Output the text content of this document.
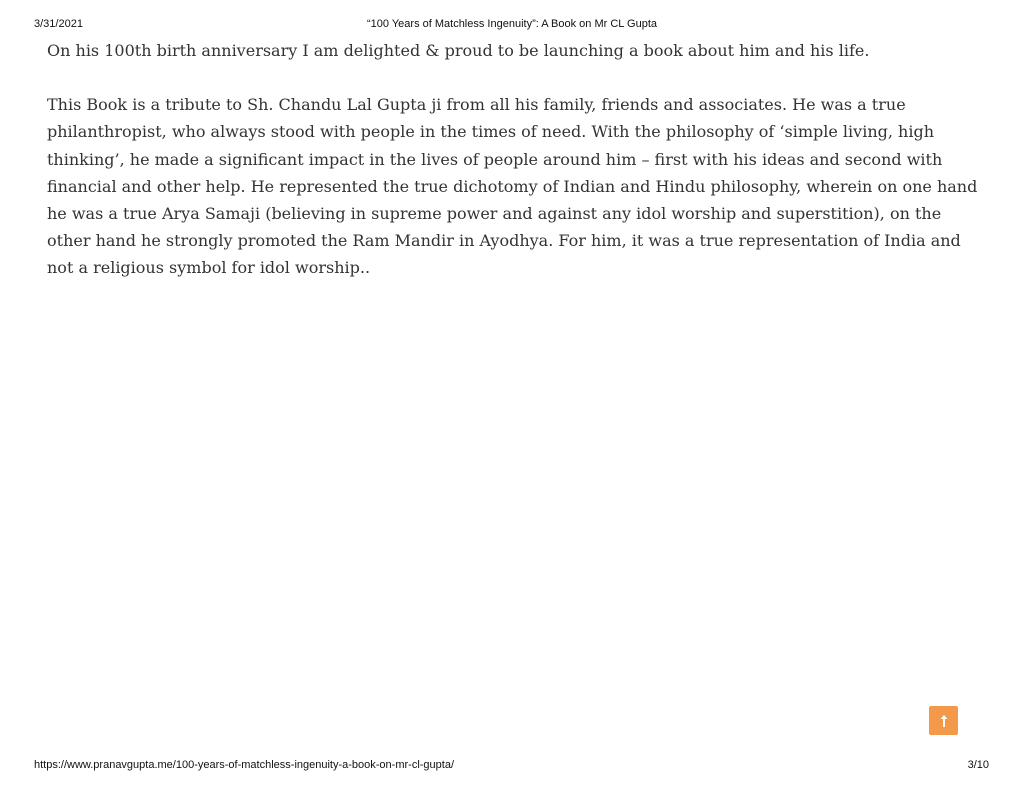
3/31/2021	“100 Years of Matchless Ingenuity”: A Book on Mr CL Gupta

On his 100th birth anniversary I am delighted & proud to be launching a book about him and his life.

This Book is a tribute to Sh. Chandu Lal Gupta ji from all his family, friends and associates. He was a true philanthropist, who always stood with people in the times of need. With the philosophy of ‘simple living, high thinking’, he made a significant impact in the lives of people around him – first with his ideas and second with financial and other help. He represented the true dichotomy of Indian and Hindu philosophy, wherein on one hand he was a true Arya Samaji (believing in supreme power and against any idol worship and superstition), on the other hand he strongly promoted the Ram Mandir in Ayodhya. For him, it was a true representation of India and not a religious symbol for idol worship..

https://www.pranavgupta.me/100-years-of-matchless-ingenuity-a-book-on-mr-cl-gupta/	3/10
